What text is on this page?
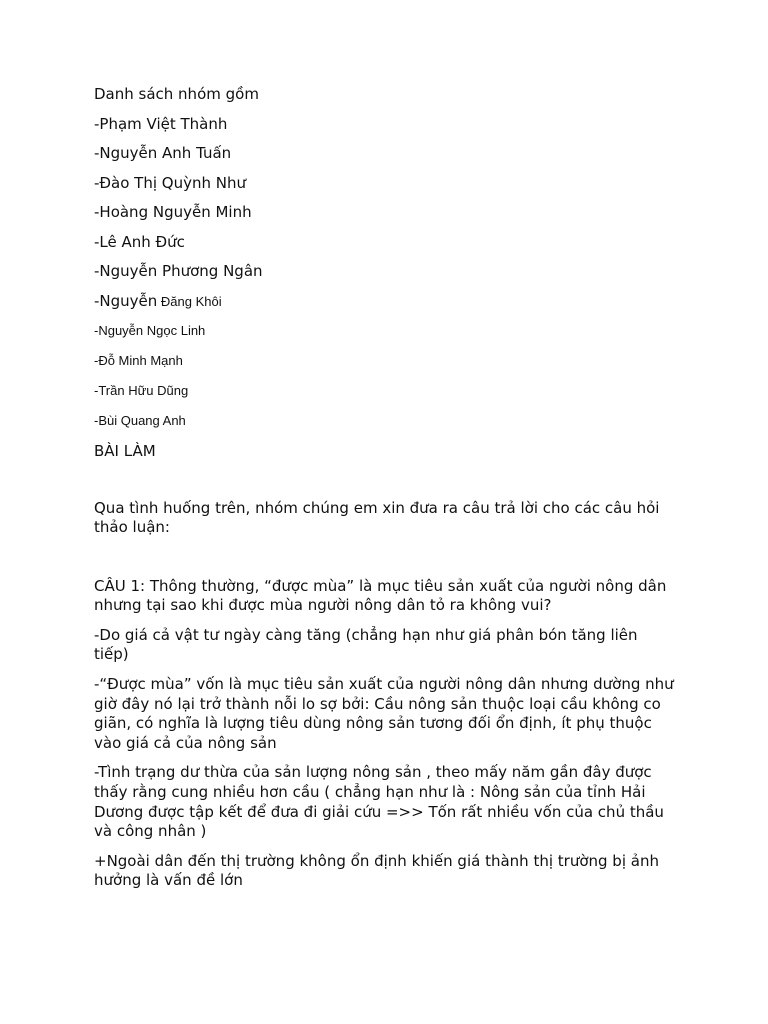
Danh sách nhóm gồm

-Phạm Việt Thành

-Nguyễn Anh Tuấn

-Đào Thị Quỳnh Như

-Hoàng Nguyễn Minh

-Lê Anh Đức

-Nguyễn Phương Ngân

-Nguyễn Đăng Khôi

-Nguyễn Ngọc Linh

-Đỗ Minh Mạnh

-Trần Hữu Dũng

-Bùi Quang Anh

BÀI LÀM

Qua tình huống trên, nhóm chúng em xin đưa ra câu trả lời cho các câu hỏi thảo luận:

CÂU 1: Thông thường, “được mùa” là mục tiêu sản xuất của người nông dân nhưng tại sao khi được mùa người nông dân tỏ ra không vui?

-Do giá cả vật tư ngày càng tăng (chẳng hạn như giá phân bón tăng liên tiếp)

-“Được mùa” vốn là mục tiêu sản xuất của người nông dân nhưng dường như giờ đây nó lại trở thành nỗi lo sợ bởi: Cầu nông sản thuộc loại cầu không co giãn, có nghĩa là lượng tiêu dùng nông sản tương đối ổn định, ít phụ thuộc vào giá cả của nông sản

-Tình trạng dư thừa của sản lượng nông sản , theo mấy năm gần đây được thấy rằng cung nhiều hơn cầu ( chẳng hạn như là : Nông sản của tỉnh Hải Dương được tập kết để đưa đi giải cứu =>> Tốn rất nhiều vốn của chủ thầu và công nhân )

+Ngoài dân đến thị trường không ổn định khiến giá thành thị trường bị ảnh hưởng là vấn đề lớn
